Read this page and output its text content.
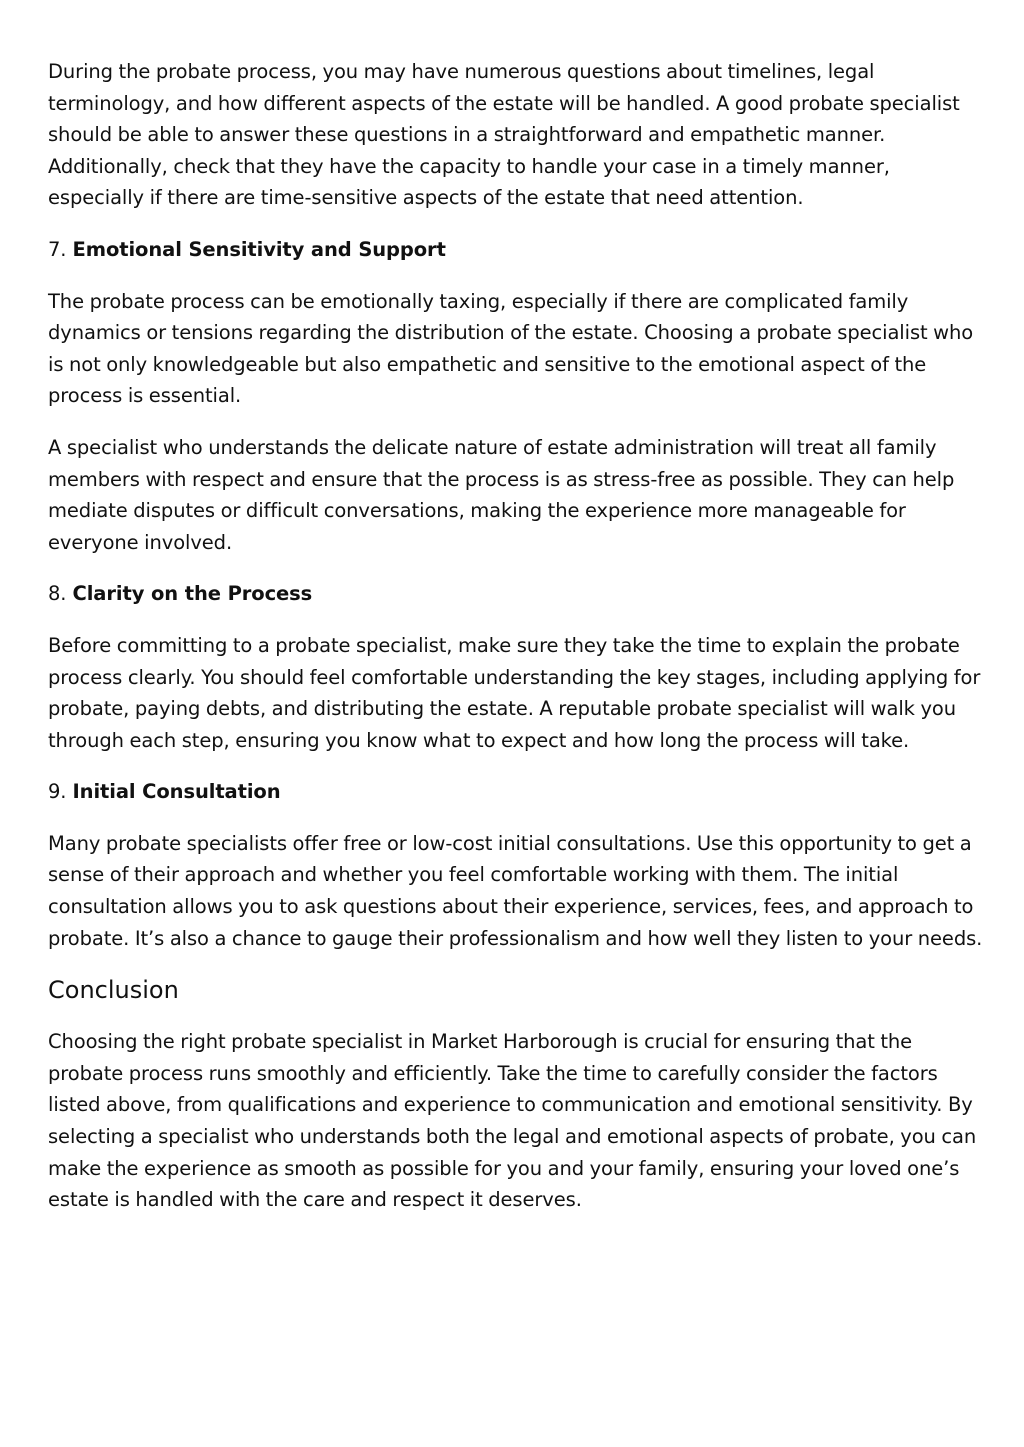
During the probate process, you may have numerous questions about timelines, legal terminology, and how different aspects of the estate will be handled. A good probate specialist should be able to answer these questions in a straightforward and empathetic manner. Additionally, check that they have the capacity to handle your case in a timely manner, especially if there are time-sensitive aspects of the estate that need attention.

7. Emotional Sensitivity and Support

The probate process can be emotionally taxing, especially if there are complicated family dynamics or tensions regarding the distribution of the estate. Choosing a probate specialist who is not only knowledgeable but also empathetic and sensitive to the emotional aspect of the process is essential.

A specialist who understands the delicate nature of estate administration will treat all family members with respect and ensure that the process is as stress-free as possible. They can help mediate disputes or difficult conversations, making the experience more manageable for everyone involved.

8. Clarity on the Process

Before committing to a probate specialist, make sure they take the time to explain the probate process clearly. You should feel comfortable understanding the key stages, including applying for probate, paying debts, and distributing the estate. A reputable probate specialist will walk you through each step, ensuring you know what to expect and how long the process will take.

9. Initial Consultation

Many probate specialists offer free or low-cost initial consultations. Use this opportunity to get a sense of their approach and whether you feel comfortable working with them. The initial consultation allows you to ask questions about their experience, services, fees, and approach to probate. It’s also a chance to gauge their professionalism and how well they listen to your needs.

Conclusion

Choosing the right probate specialist in Market Harborough is crucial for ensuring that the probate process runs smoothly and efficiently. Take the time to carefully consider the factors listed above, from qualifications and experience to communication and emotional sensitivity. By selecting a specialist who understands both the legal and emotional aspects of probate, you can make the experience as smooth as possible for you and your family, ensuring your loved one’s estate is handled with the care and respect it deserves.
